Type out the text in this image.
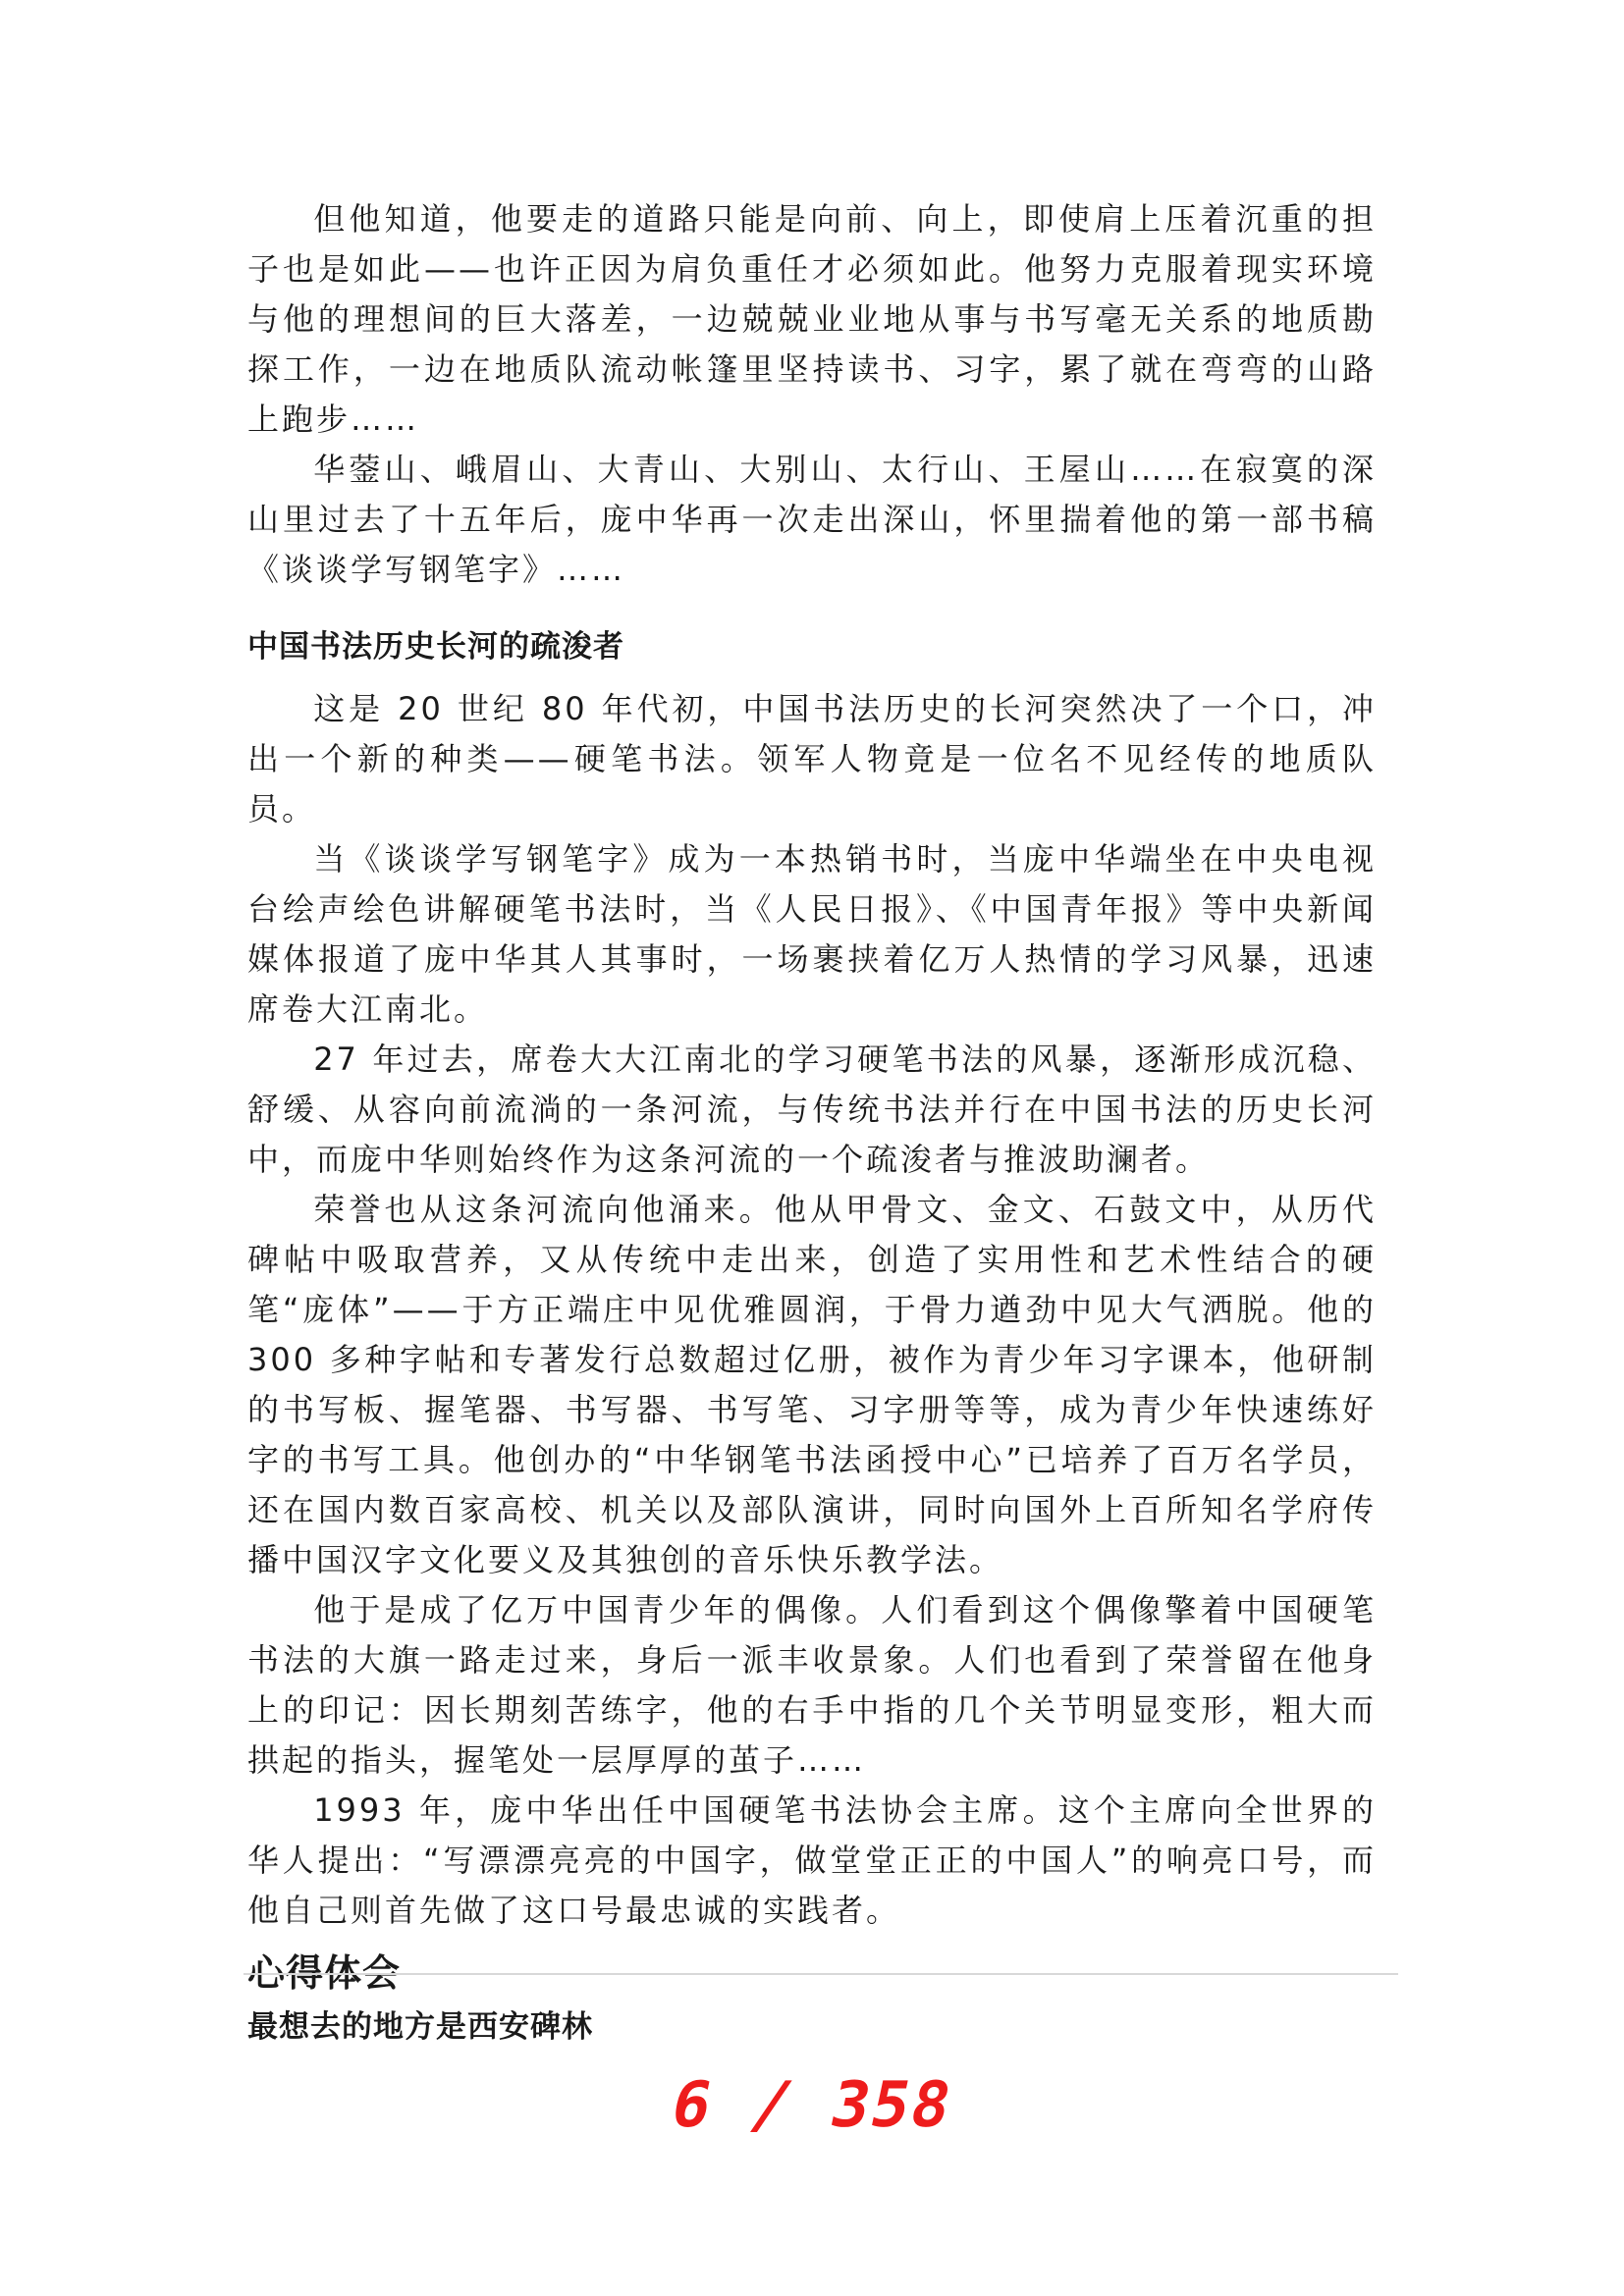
但他知道，他要走的道路只能是向前、向上，即使肩上压着沉重的担子也是如此——也许正因为肩负重任才必须如此。他努力克服着现实环境与他的理想间的巨大落差，一边兢兢业业地从事与书写毫无关系的地质勘探工作，一边在地质队流动帐篷里坚持读书、习字，累了就在弯弯的山路上跑步……

华蓥山、峨眉山、大青山、大别山、太行山、王屋山……在寂寞的深山里过去了十五年后，庞中华再一次走出深山，怀里揣着他的第一部书稿《谈谈学写钢笔字》……

中国书法历史长河的疏浚者

这是 20 世纪 80 年代初，中国书法历史的长河突然决了一个口，冲出一个新的种类——硬笔书法。领军人物竟是一位名不见经传的地质队员。

当《谈谈学写钢笔字》成为一本热销书时，当庞中华端坐在中央电视台绘声绘色讲解硬笔书法时，当《人民日报》、《中国青年报》等中央新闻媒体报道了庞中华其人其事时，一场裹挟着亿万人热情的学习风暴，迅速席卷大江南北。

27 年过去，席卷大大江南北的学习硬笔书法的风暴，逐渐形成沉稳、舒缓、从容向前流淌的一条河流，与传统书法并行在中国书法的历史长河中，而庞中华则始终作为这条河流的一个疏浚者与推波助澜者。

荣誉也从这条河流向他涌来。他从甲骨文、金文、石鼓文中，从历代碑帖中吸取营养，又从传统中走出来，创造了实用性和艺术性结合的硬笔“庞体”——于方正端庄中见优雅圆润，于骨力遒劲中见大气洒脱。他的 300 多种字帖和专著发行总数超过亿册，被作为青少年习字课本，他研制的书写板、握笔器、书写器、书写笔、习字册等等，成为青少年快速练好字的书写工具。他创办的“中华钢笔书法函授中心”已培养了百万名学员，还在国内数百家高校、机关以及部队演讲，同时向国外上百所知名学府传播中国汉字文化要义及其独创的音乐快乐教学法。

他于是成了亿万中国青少年的偶像。人们看到这个偶像擎着中国硬笔书法的大旗一路走过来，身后一派丰收景象。人们也看到了荣誉留在他身上的印记：因长期刻苦练字，他的右手中指的几个关节明显变形，粗大而拱起的指头，握笔处一层厚厚的茧子……

1993 年，庞中华出任中国硬笔书法协会主席。这个主席向全世界的华人提出：“写漂漂亮亮的中国字，做堂堂正正的中国人”的响亮口号，而他自己则首先做了这口号最忠诚的实践者。

心得体会
最想去的地方是西安碑林
6 / 358
